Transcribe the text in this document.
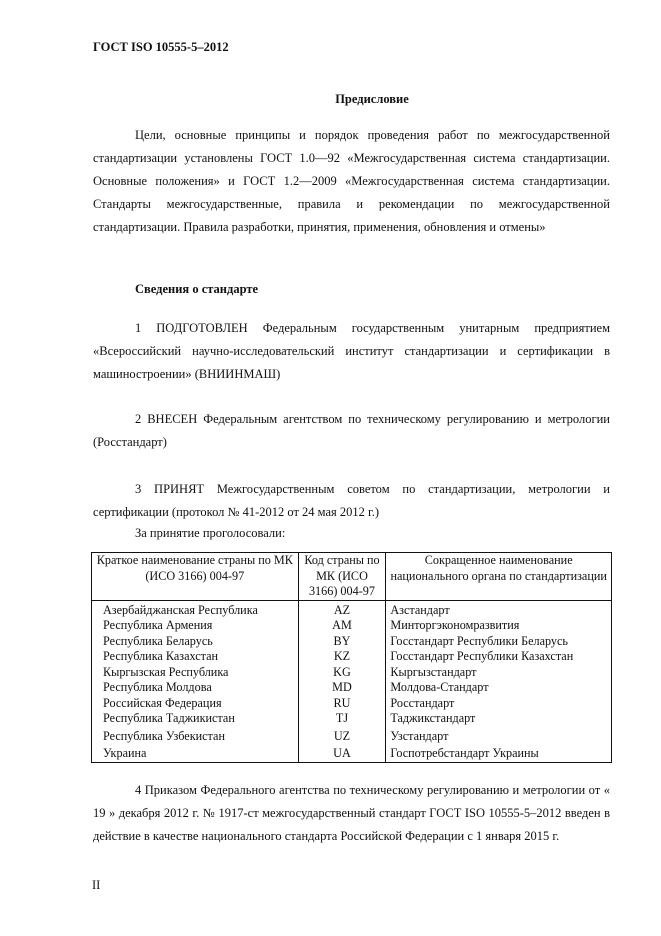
ГОСТ ISO 10555-5–2012
Предисловие
Цели, основные принципы и порядок проведения работ по межгосударственной стандартизации установлены ГОСТ 1.0—92 «Межгосударственная система стандартизации. Основные положения» и ГОСТ 1.2—2009 «Межгосударственная система стандартизации. Стандарты межгосударственные, правила и рекомендации по межгосударственной стандартизации. Правила разработки, принятия, применения, обновления и отмены»
Сведения о стандарте
1 ПОДГОТОВЛЕН Федеральным государственным унитарным предприятием «Всероссийский научно-исследовательский институт стандартизации и сертификации в машиностроении» (ВНИИНМАШ)
2 ВНЕСЕН Федеральным агентством по техническому регулированию и метрологии (Росстандарт)
3 ПРИНЯТ Межгосударственным советом по стандартизации, метрологии и сертификации (протокол № 41-2012 от 24 мая 2012 г.)
За принятие проголосовали:
Краткое наименование страны по МК (ИСО 3166) 004-97	Код страны по МК (ИСО 3166) 004-97	Сокращенное наименование национального органа по стандартизации
Азербайджанская Республика	AZ	Азстандарт
Республика Армения	AM	Минторгэкономразвития
Республика Беларусь	BY	Госстандарт Республики Беларусь
Республика Казахстан	KZ	Госстандарт Республики Казахстан
Кыргызская Республика	KG	Кыргызстандарт
Республика Молдова	MD	Молдова-Стандарт
Российская Федерация	RU	Росстандарт
Республика Таджикистан	TJ	Таджикстандарт
Республика Узбекистан	UZ	Узстандарт
Украина	UA	Госпотребстандарт Украины
4 Приказом Федерального агентства по техническому регулированию и метрологии от « 19 » декабря 2012 г. № 1917-ст межгосударственный стандарт ГОСТ ISO 10555-5–2012 введен в действие в качестве национального стандарта Российской Федерации с 1 января 2015 г.
II
